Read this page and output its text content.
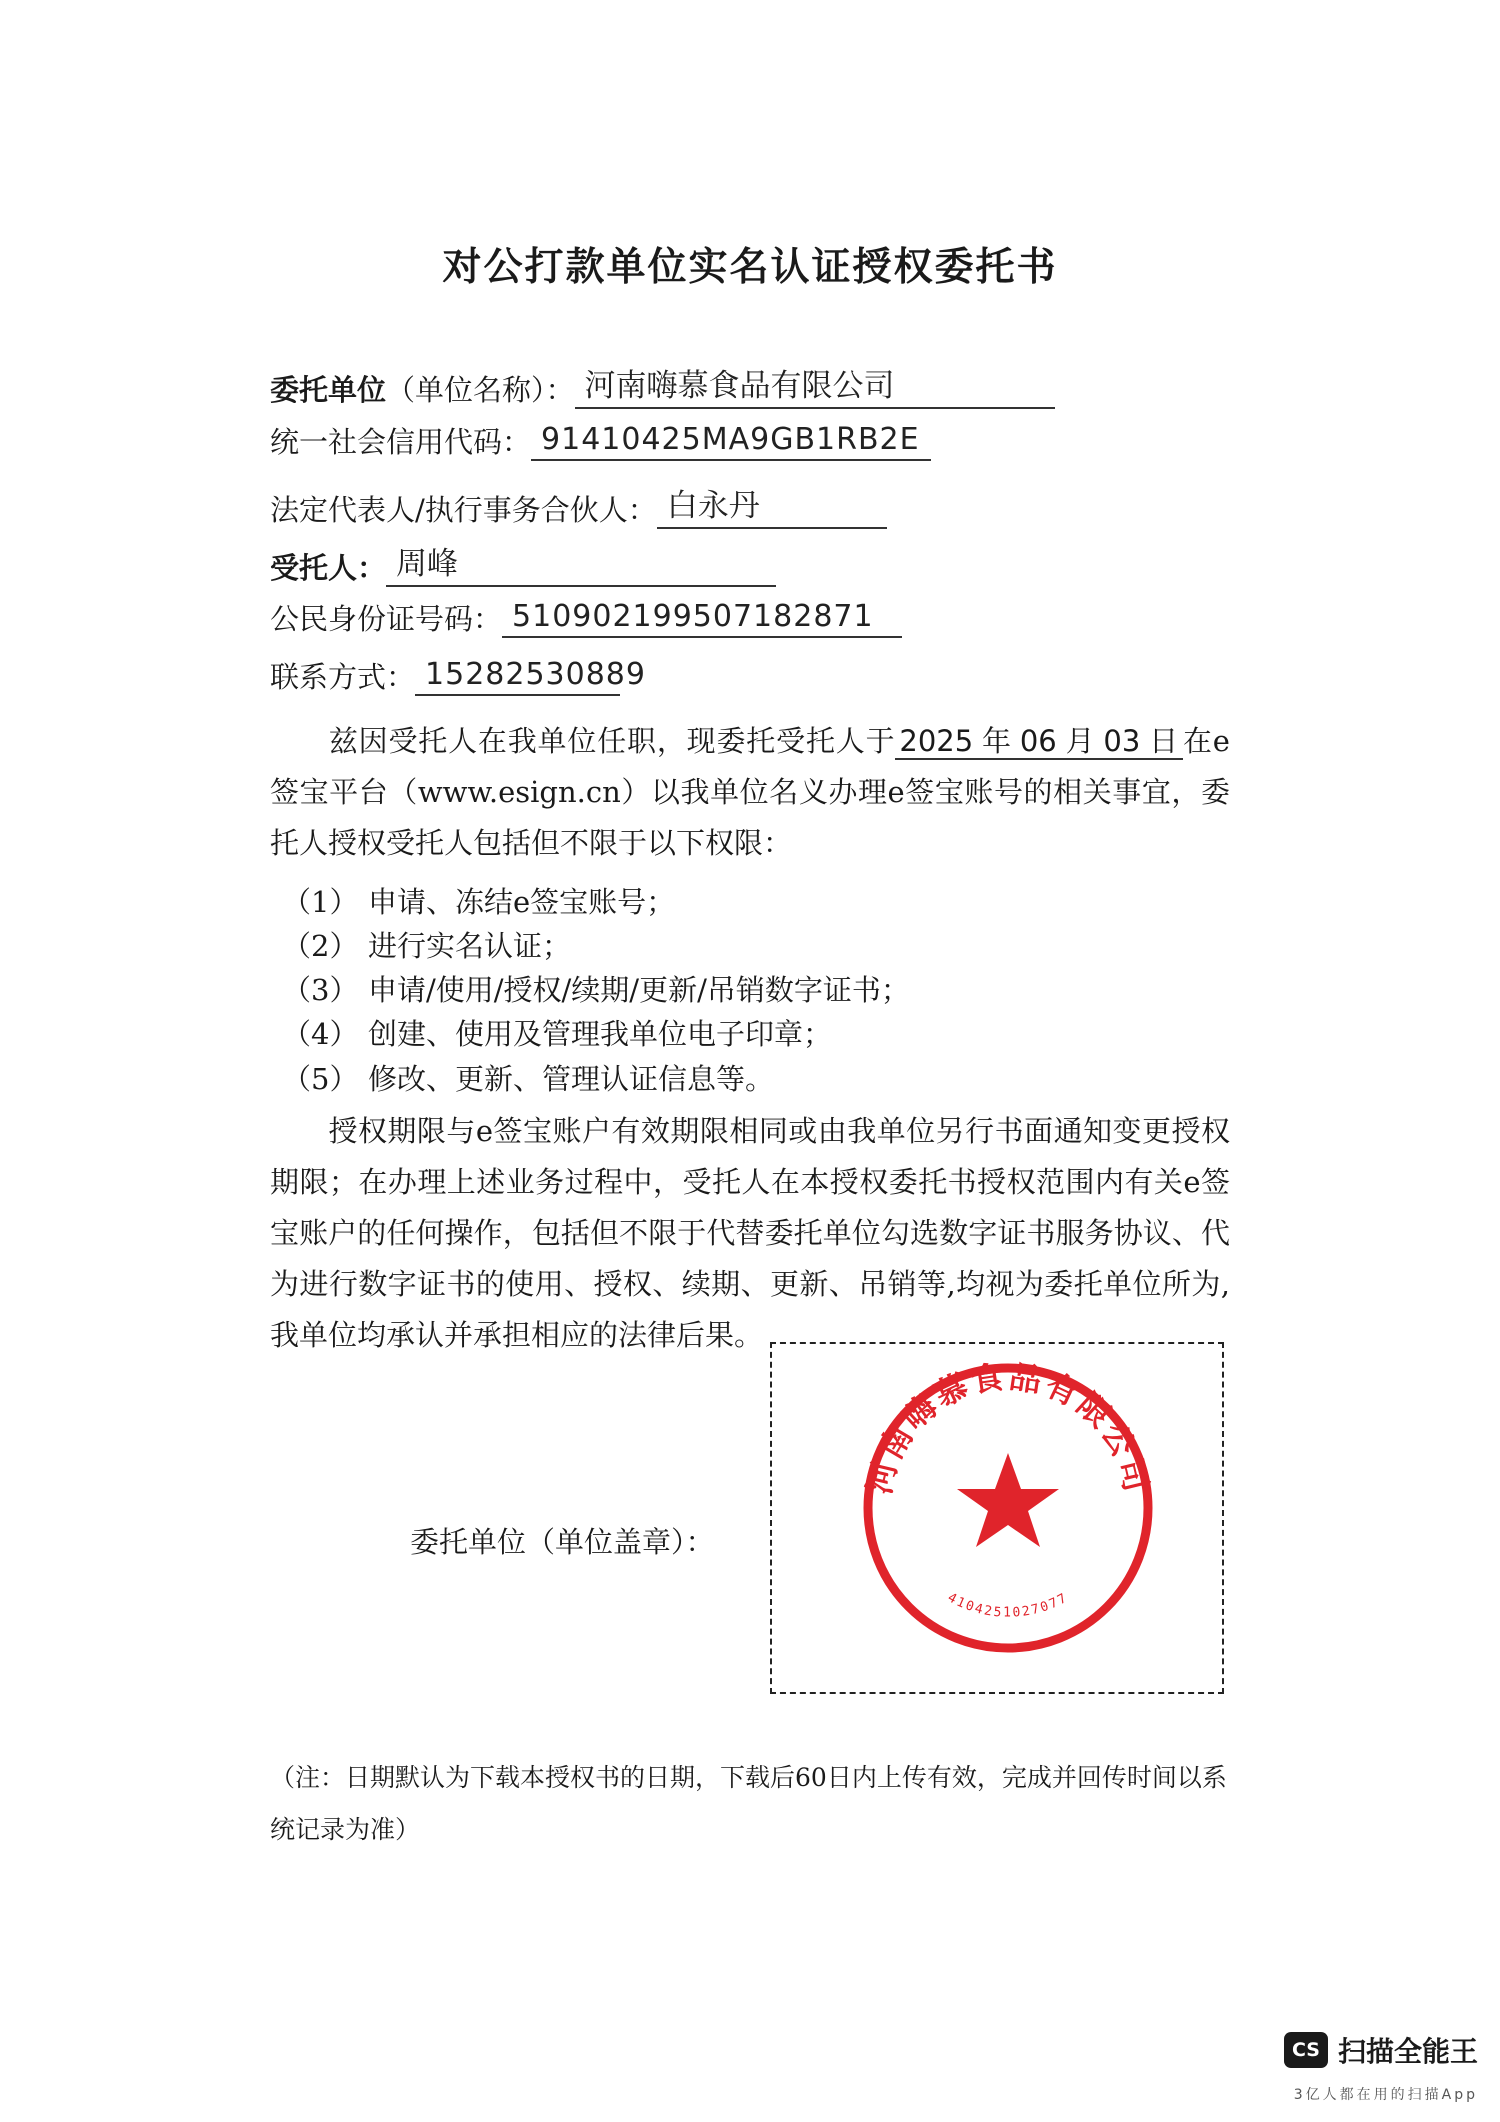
对公打款单位实名认证授权委托书
委托单位 （单位名称）： 河南嗨慕食品有限公司
统一社会信用代码： 91410425MA9GB1RB2E
法定代表人/执行事务合伙人： 白永丹
受托人： 周峰
公民身份证号码： 510902199507182871
联系方式： 15282530889
兹因受托人在我单位任职，现委托受托人于 2025 年 06 月 03 日 在e签宝平台（www.esign.cn）以我单位名义办理e签宝账号的相关事宜，委托人授权受托人包括但不限于以下权限：
（1） 申请、冻结e签宝账号；
（2） 进行实名认证；
（3） 申请/使用/授权/续期/更新/吊销数字证书；
（4） 创建、使用及管理我单位电子印章；
（5） 修改、更新、管理认证信息等。
授权期限与e签宝账户有效期限相同或由我单位另行书面通知变更授权期限；在办理上述业务过程中，受托人在本授权委托书授权范围内有关e签宝账户的任何操作，包括但不限于代替委托单位勾选数字证书服务协议、代为进行数字证书的使用、授权、续期、更新、吊销等,均视为委托单位所为,我单位均承认并承担相应的法律后果。
委托单位（单位盖章）：
河南嗨慕食品有限公司
4104251027077
（注：日期默认为下载本授权书的日期，下载后60日内上传有效，完成并回传时间以系统记录为准）
CS 扫描全能王
3亿人都在用的扫描App
